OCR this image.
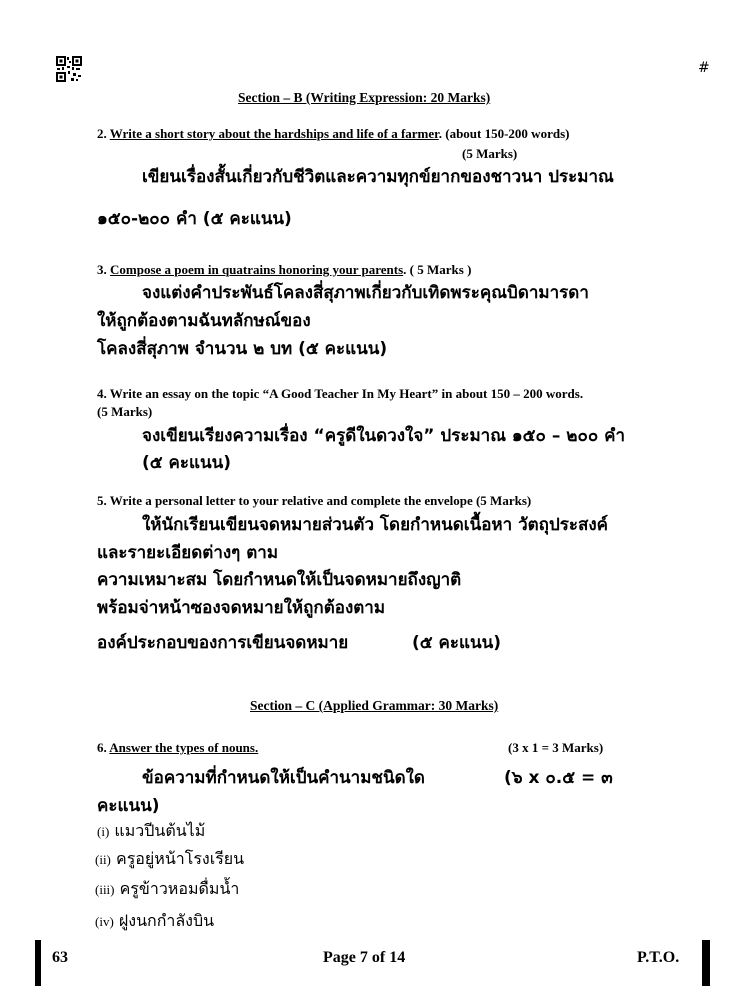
#
Section – B (Writing Expression: 20 Marks)
2. Write a short story about the hardships and life of a farmer. (about 150-200 words)
(5 Marks)
เขียนเรื่องสั้นเกี่ยวกับชีวิตและความทุกข์ยากของชาวนา ประมาณ
๑๕๐-๒๐๐ คำ (๕ คะแนน)
3. Compose a poem in quatrains honoring your parents. ( 5 Marks )
จงแต่งคำประพันธ์โคลงสี่สุภาพเกี่ยวกับเทิดพระคุณบิดามารดา
ให้ถูกต้องตามฉันทลักษณ์ของ
โคลงสี่สุภาพ จำนวน ๒ บท (๕ คะแนน)
4. Write an essay on the topic “A Good Teacher In My Heart” in about 150 – 200 words.
(5 Marks)
จงเขียนเรียงความเรื่อง “ครูดีในดวงใจ” ประมาณ ๑๕๐ – ๒๐๐ คำ
(๕ คะแนน)
5. Write a personal letter to your relative and complete the envelope (5 Marks)
ให้นักเรียนเขียนจดหมายส่วนตัว โดยกำหนดเนื้อหา วัตถุประสงค์
และรายะเอียดต่างๆ ตาม
ความเหมาะสม โดยกำหนดให้เป็นจดหมายถึงญาติ
พร้อมจ่าหน้าซองจดหมายให้ถูกต้องตาม
องค์ประกอบของการเขียนจดหมาย	(๕ คะแนน)
Section – C (Applied Grammar: 30 Marks)
6. Answer the types of nouns.	(3 x 1 = 3 Marks)
ข้อความที่กำหนดให้เป็นคำนามชนิดใด	(๖ x ๐.๕ = ๓
คะแนน)
(i) แมวปีนต้นไม้
(ii) ครูอยู่หน้าโรงเรียน
(iii) ครูข้าวหอมดื่มน้ำ
(iv) ฝูงนกกำลังบิน
63	Page 7 of 14	P.T.O.
